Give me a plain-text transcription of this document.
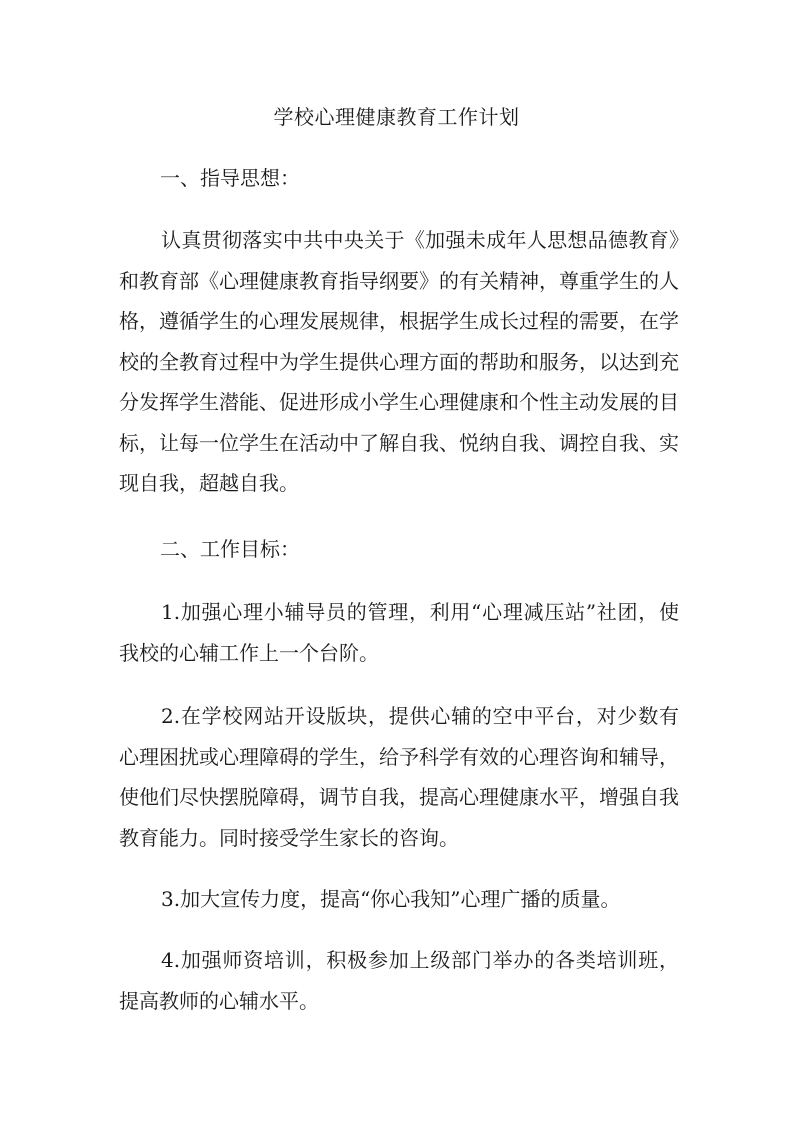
学校心理健康教育工作计划
一、指导思想：
认真贯彻落实中共中央关于《加强未成年人思想品德教育》和教育部《心理健康教育指导纲要》的有关精神，尊重学生的人格，遵循学生的心理发展规律，根据学生成长过程的需要，在学校的全教育过程中为学生提供心理方面的帮助和服务，以达到充分发挥学生潜能、促进形成小学生心理健康和个性主动发展的目标，让每一位学生在活动中了解自我、悦纳自我、调控自我、实现自我，超越自我。
二、工作目标：
1.加强心理小辅导员的管理，利用“心理减压站”社团，使我校的心辅工作上一个台阶。
2.在学校网站开设版块，提供心辅的空中平台，对少数有心理困扰或心理障碍的学生，给予科学有效的心理咨询和辅导，使他们尽快摆脱障碍，调节自我，提高心理健康水平，增强自我教育能力。同时接受学生家长的咨询。
3.加大宣传力度，提高“你心我知”心理广播的质量。
4.加强师资培训，积极参加上级部门举办的各类培训班，提高教师的心辅水平。
